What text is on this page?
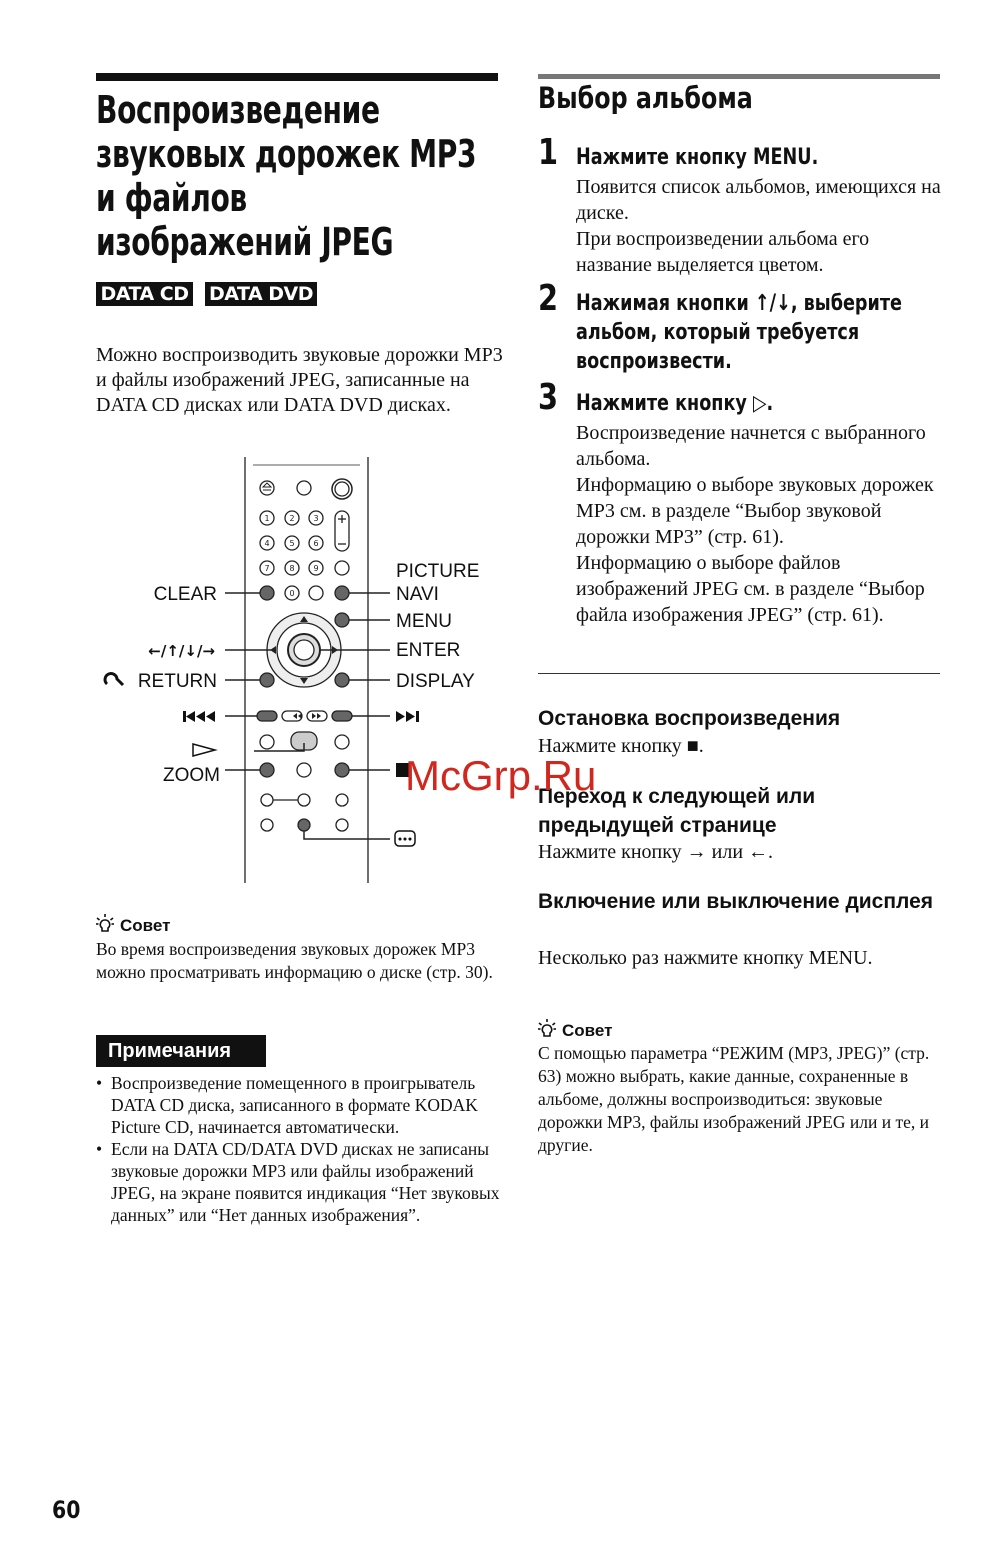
Воспроизведение
звуковых дорожек MP3
и файлов
изображений JPEG
DATA CD DATA DVD
Можно воспроизводить звуковые дорожки MP3 и файлы изображений JPEG, записанные на DATA CD дисках или DATA DVD дисках.
1 2 3
4 5 6
7 8 9
0
CLEAR
←/↑/↓/→
RETURN
ZOOM
PICTURE
NAVI
MENU
ENTER
DISPLAY
Совет
Во время воспроизведения звуковых дорожек MP3 можно просматривать информацию о диске (стр. 30).
Примечания
• Воспроизведение помещенного в проигрыватель DATA CD диска, записанного в формате KODAK Picture CD, начинается автоматически.
• Если на DATA CD/DATA DVD дисках не записаны звуковые дорожки MP3 или файлы изображений JPEG, на экране появится индикация “Нет звуковых данных” или “Нет данных изображения”.
60
Выбор альбома
1 Нажмите кнопку MENU.
Появится список альбомов, имеющихся на диске.
При воспроизведении альбома его название выделяется цветом.
2 Нажимая кнопки ↑/↓, выберите
альбом, который требуется
воспроизвести.
3 Нажмите кнопку ▷.
Воспроизведение начнется с выбранного альбома.
Информацию о выборе звуковых дорожек MP3 см. в разделе “Выбор звуковой дорожки MP3” (стр. 61).
Информацию о выборе файлов изображений JPEG см. в разделе “Выбор файла изображения JPEG” (стр. 61).
Остановка воспроизведения
Нажмите кнопку ■.
Переход к следующей или предыдущей странице
Нажмите кнопку → или ←.
Включение или выключение дисплея
Несколько раз нажмите кнопку MENU.
Совет
С помощью параметра “РЕЖИМ (MP3, JPEG)” (стр. 63) можно выбрать, какие данные, сохраненные в альбоме, должны воспроизводиться: звуковые дорожки MP3, файлы изображений JPEG или и те, и другие.
McGrp.Ru
